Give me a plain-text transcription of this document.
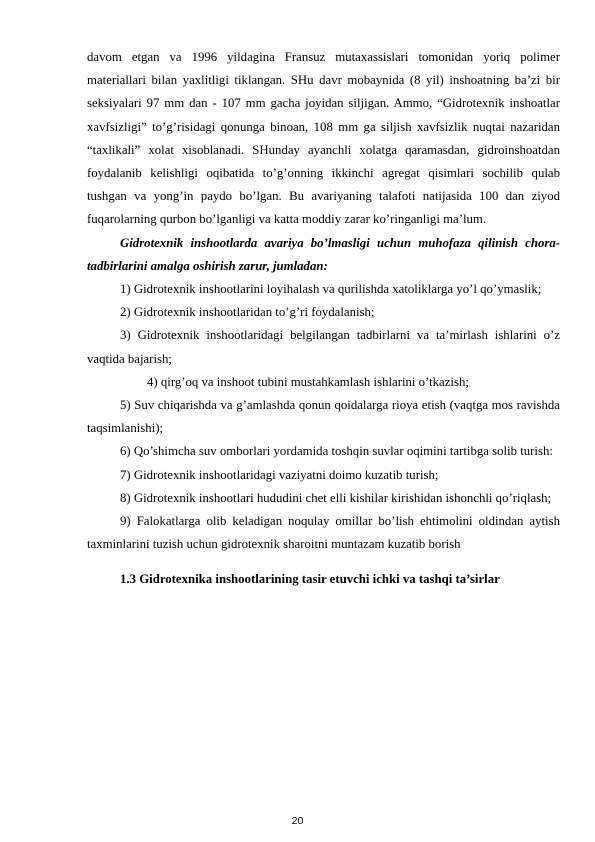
davom etgan va 1996 yildagina Fransuz mutaxassislari tomonidan yoriq polimer materiallari bilan yaxlitligi tiklangan. SHu davr mobaynida (8 yil) inshoatning ba’zi bir seksiyalari 97 mm dan - 107 mm gacha joyidan siljigan. Ammo, “Gidrotexnik inshoatlar xavfsizligi” to’g’risidagi qonunga binoan, 108 mm ga siljish xavfsizlik nuqtai nazaridan “taxlikali” xolat xisoblanadi. SHunday ayanchli xolatga qaramasdan, gidroinshoatdan foydalanib kelishligi oqibatida to’g’onning ikkinchi agregat qisimlari sochilib qulab tushgan va yong’in paydo bo’lgan. Bu avariyaning talafoti natijasida 100 dan ziyod fuqarolarning qurbon bo’lganligi va katta moddiy zarar ko’ringanligi ma’lum.

Gidrotexnik inshootlarda avariya bo’lmasligi uchun muhofaza qilinish chora-tadbirlarini amalga oshirish zarur, jumladan:

1) Gidrotexnik inshootlarini loyihalash va qurilishda xatoliklarga yo’l qo’ymaslik;

2) Gidrotexnik inshootlaridan to’g’ri foydalanish;

3) Gidrotexnik inshootlaridagi belgilangan tadbirlarni va ta’mirlash ishlarini o’z vaqtida bajarish;

4) qirg’oq va inshoot tubini mustahkamlash ishlarini o’tkazish;

5) Suv chiqarishda va g’amlashda qonun qoidalarga rioya etish (vaqtga mos ravishda taqsimlanishi);

6) Qo’shimcha suv omborlari yordamida toshqin suvlar oqimini tartibga solib turish:

7) Gidrotexnik inshootlaridagi vaziyatni doimo kuzatib turish;

8) Gidrotexnik inshootlari hududini chet elli kishilar kirishidan ishonchli qo’riqlash;

9) Falokatlarga olib keladigan noqulay omillar bo’lish ehtimolini oldindan aytish taxminlarini tuzish uchun gidrotexnik sharoitni muntazam kuzatib borish

1.3 Gidrotexnika inshootlarining tasir etuvchi ichki va tashqi ta’sirlar

20
